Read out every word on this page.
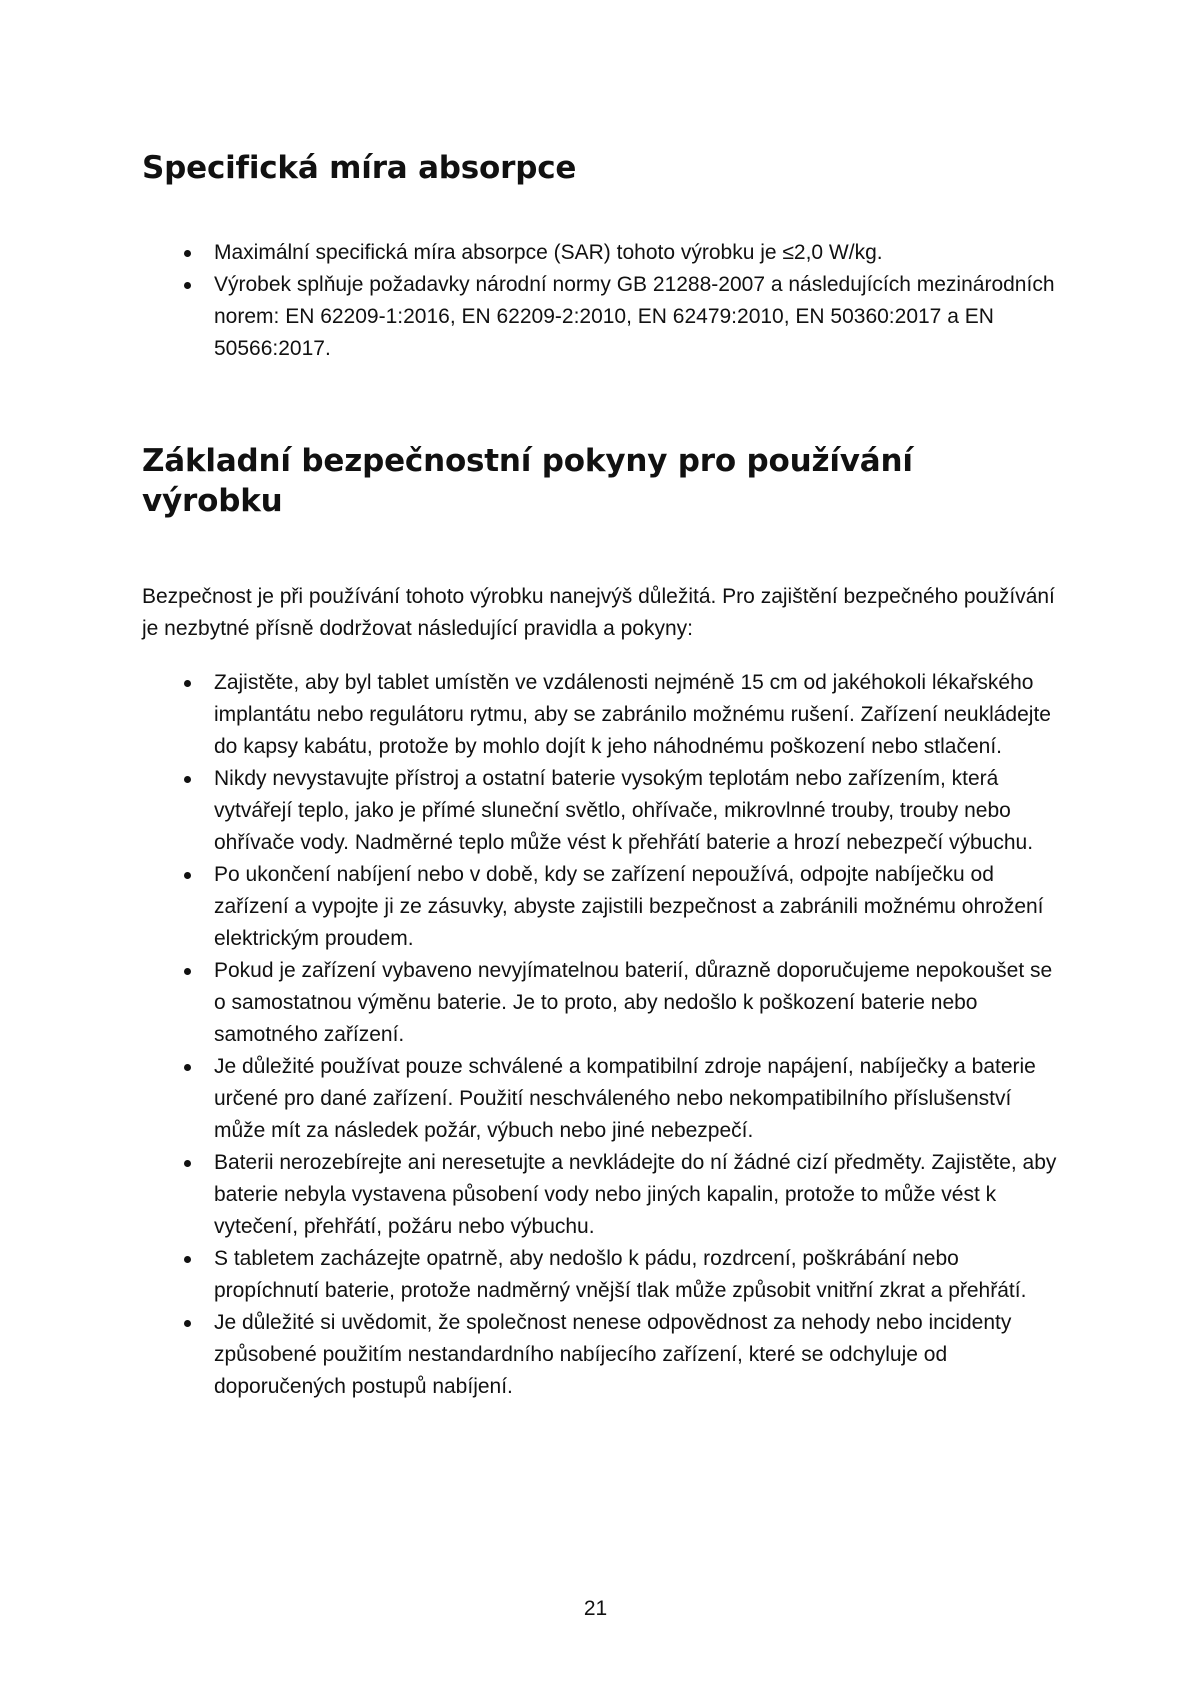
Specifická míra absorpce
Maximální specifická míra absorpce (SAR) tohoto výrobku je ≤2,0 W/kg.
Výrobek splňuje požadavky národní normy GB 21288-2007 a následujících mezinárodních norem: EN 62209-1:2016, EN 62209-2:2010, EN 62479:2010, EN 50360:2017 a EN 50566:2017.
Základní bezpečnostní pokyny pro používání výrobku

Bezpečnost je při používání tohoto výrobku nanejvýš důležitá. Pro zajištění bezpečného používání je nezbytné přísně dodržovat následující pravidla a pokyny:

Zajistěte, aby byl tablet umístěn ve vzdálenosti nejméně 15 cm od jakéhokoli lékařského implantátu nebo regulátoru rytmu, aby se zabránilo možnému rušení. Zařízení neukládejte do kapsy kabátu, protože by mohlo dojít k jeho náhodnému poškození nebo stlačení.
Nikdy nevystavujte přístroj a ostatní baterie vysokým teplotám nebo zařízením, která vytvářejí teplo, jako je přímé sluneční světlo, ohřívače, mikrovlnné trouby, trouby nebo ohřívače vody. Nadměrné teplo může vést k přehřátí baterie a hrozí nebezpečí výbuchu.
Po ukončení nabíjení nebo v době, kdy se zařízení nepoužívá, odpojte nabíječku od zařízení a vypojte ji ze zásuvky, abyste zajistili bezpečnost a zabránili možnému ohrožení elektrickým proudem.
Pokud je zařízení vybaveno nevyjímatelnou baterií, důrazně doporučujeme nepokoušet se o samostatnou výměnu baterie. Je to proto, aby nedošlo k poškození baterie nebo samotného zařízení.
Je důležité používat pouze schválené a kompatibilní zdroje napájení, nabíječky a baterie určené pro dané zařízení. Použití neschváleného nebo nekompatibilního příslušenství může mít za následek požár, výbuch nebo jiné nebezpečí.
Baterii nerozebírejte ani neresetujte a nevkládejte do ní žádné cizí předměty. Zajistěte, aby baterie nebyla vystavena působení vody nebo jiných kapalin, protože to může vést k vytečení, přehřátí, požáru nebo výbuchu.
S tabletem zacházejte opatrně, aby nedošlo k pádu, rozdrcení, poškrábání nebo propíchnutí baterie, protože nadměrný vnější tlak může způsobit vnitřní zkrat a přehřátí.
Je důležité si uvědomit, že společnost nenese odpovědnost za nehody nebo incidenty způsobené použitím nestandardního nabíjecího zařízení, které se odchyluje od doporučených postupů nabíjení.
21
